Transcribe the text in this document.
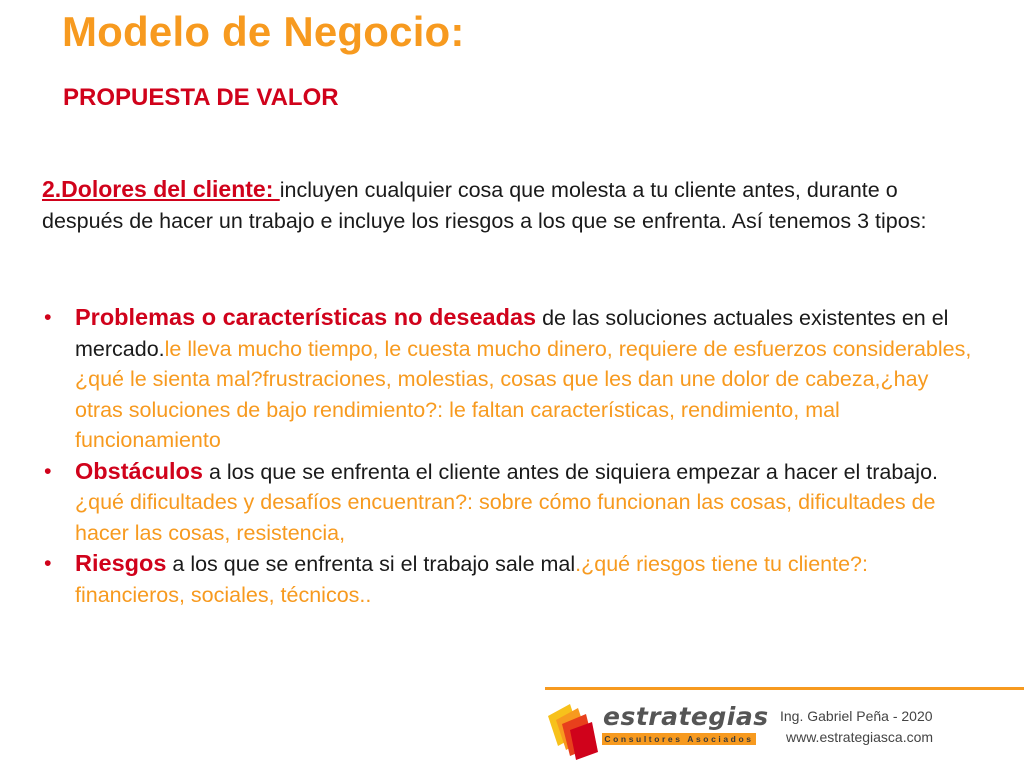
Modelo de Negocio:
PROPUESTA DE VALOR

2.Dolores del cliente: incluyen cualquier cosa que molesta a tu cliente antes, durante o después de hacer un trabajo e incluye los riesgos a los que se enfrenta. Así tenemos 3 tipos:

• Problemas o características no deseadas de las soluciones actuales existentes en el mercado.le lleva mucho tiempo, le cuesta mucho dinero, requiere de esfuerzos considerables, ¿qué le sienta mal?frustraciones, molestias, cosas que les dan une dolor de cabeza,¿hay otras soluciones de bajo rendimiento?: le faltan características, rendimiento, mal funcionamiento
• Obstáculos a los que se enfrenta el cliente antes de siquiera empezar a hacer el trabajo. ¿qué dificultades y desafíos encuentran?: sobre cómo funcionan las cosas, dificultades de hacer las cosas, resistencia,
• Riesgos a los que se enfrenta si el trabajo sale mal.¿qué riesgos tiene tu cliente?: financieros, sociales, técnicos..
estrategias
Consultores Asociados
Ing. Gabriel Peña - 2020
www.estrategiasca.com
